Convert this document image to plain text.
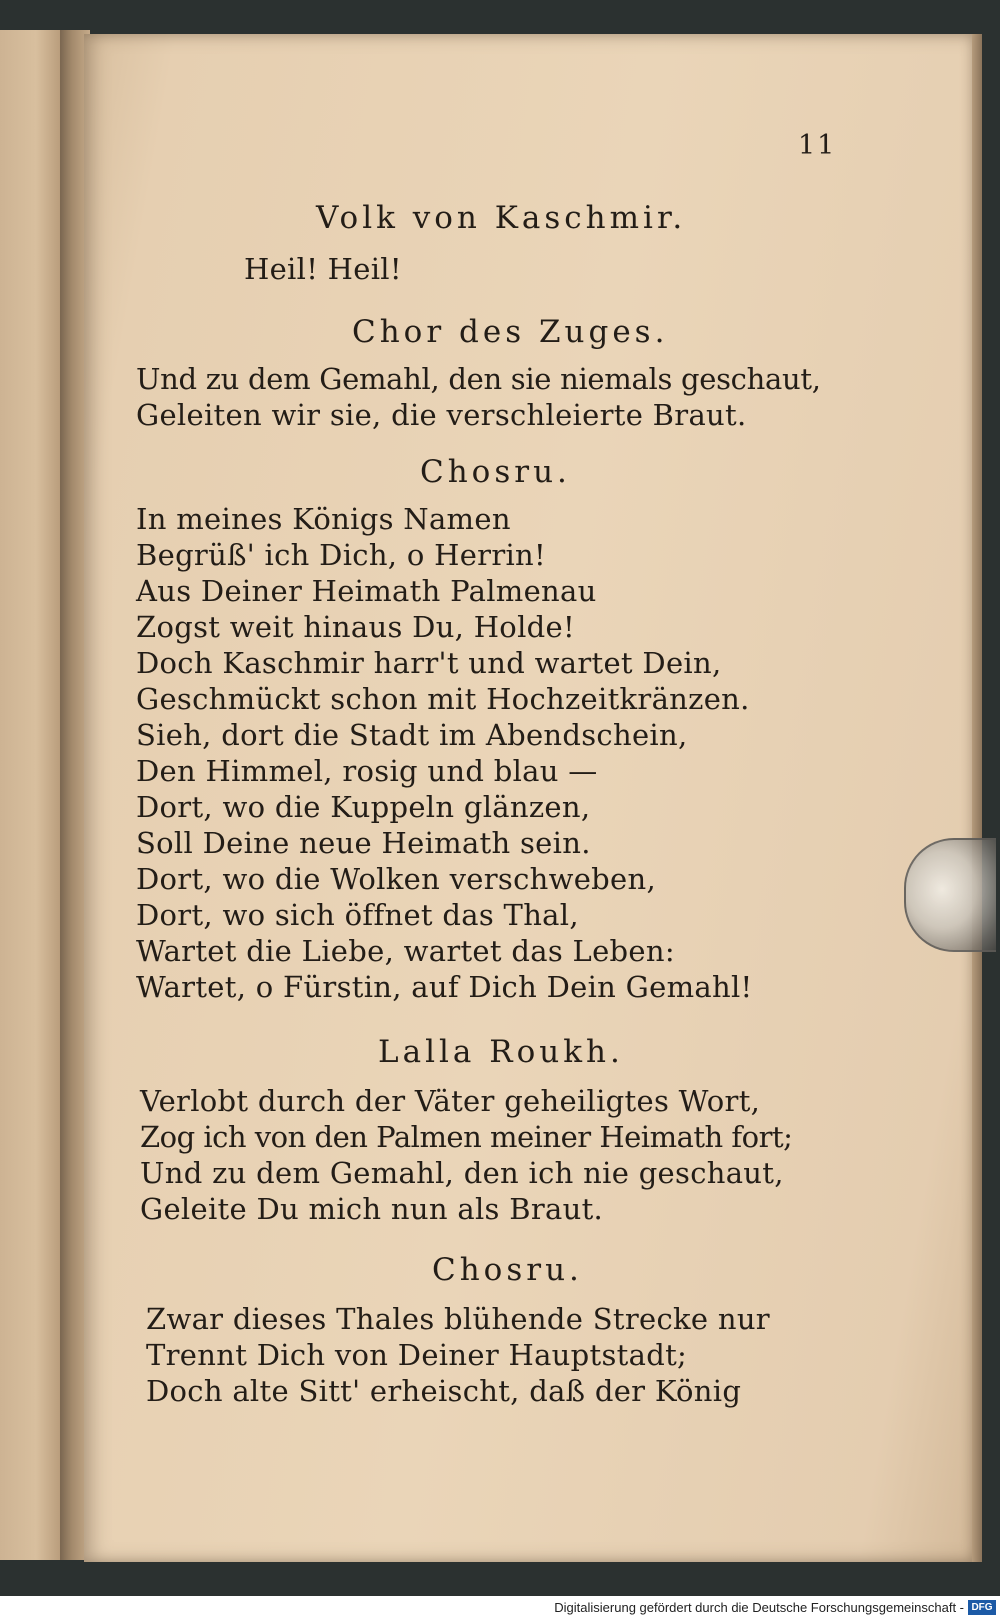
11
Volk von Kaschmir.
Heil! Heil!
Chor des Zuges.
Und zu dem Gemahl, den sie niemals geschaut,
Geleiten wir sie, die verschleierte Braut.
Chosru.
In meines Königs Namen
Begrüß' ich Dich, o Herrin!
Aus Deiner Heimath Palmenau
Zogst weit hinaus Du, Holde!
Doch Kaschmir harr't und wartet Dein,
Geschmückt schon mit Hochzeitkränzen.
Sieh, dort die Stadt im Abendschein,
Den Himmel, rosig und blau —
Dort, wo die Kuppeln glänzen,
Soll Deine neue Heimath sein.
Dort, wo die Wolken verschweben,
Dort, wo sich öffnet das Thal,
Wartet die Liebe, wartet das Leben:
Wartet, o Fürstin, auf Dich Dein Gemahl!
Lalla Roukh.
Verlobt durch der Väter geheiligtes Wort,
Zog ich von den Palmen meiner Heimath fort;
Und zu dem Gemahl, den ich nie geschaut,
Geleite Du mich nun als Braut.
Chosru.
Zwar dieses Thales blühende Strecke nur
Trennt Dich von Deiner Hauptstadt;
Doch alte Sitt' erheischt, daß der König
Digitalisierung gefördert durch die Deutsche Forschungsgemeinschaft - DFG
